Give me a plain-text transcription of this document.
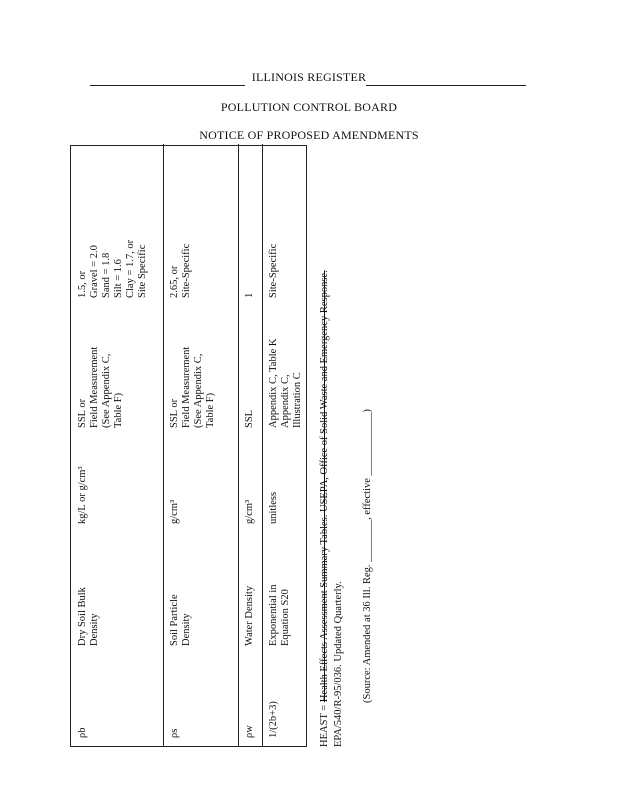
ILLINOIS REGISTER
POLLUTION CONTROL BOARD
NOTICE OF PROPOSED AMENDMENTS
ρb
Dry Soil Bulk
Density
kg/L or g/cm³
SSL or
Field Measurement
(See Appendix C,
Table F)
1.5, or
Gravel = 2.0
Sand = 1.8
Silt = 1.6
Clay = 1.7, or
Site Specific
ρs
Soil Particle
Density
g/cm³
SSL or
Field Measurement
(See Appendix C,
Table F)
2.65, or
Site-Specific
ρw
Water Density
g/cm³
SSL
1
1/(2b+3)
Exponential in
Equation S20
unitless
Appendix C, Table K
Appendix C,
Illustration C
Site-Specific
HEAST = Health Effects Assessment Summary Tables. USEPA, Office of Solid Waste and Emergency Response. EPA/540/R-95/036. Updated Quarterly. (Source: Amended at 36 Ill. Reg. ________, effective ____________)
